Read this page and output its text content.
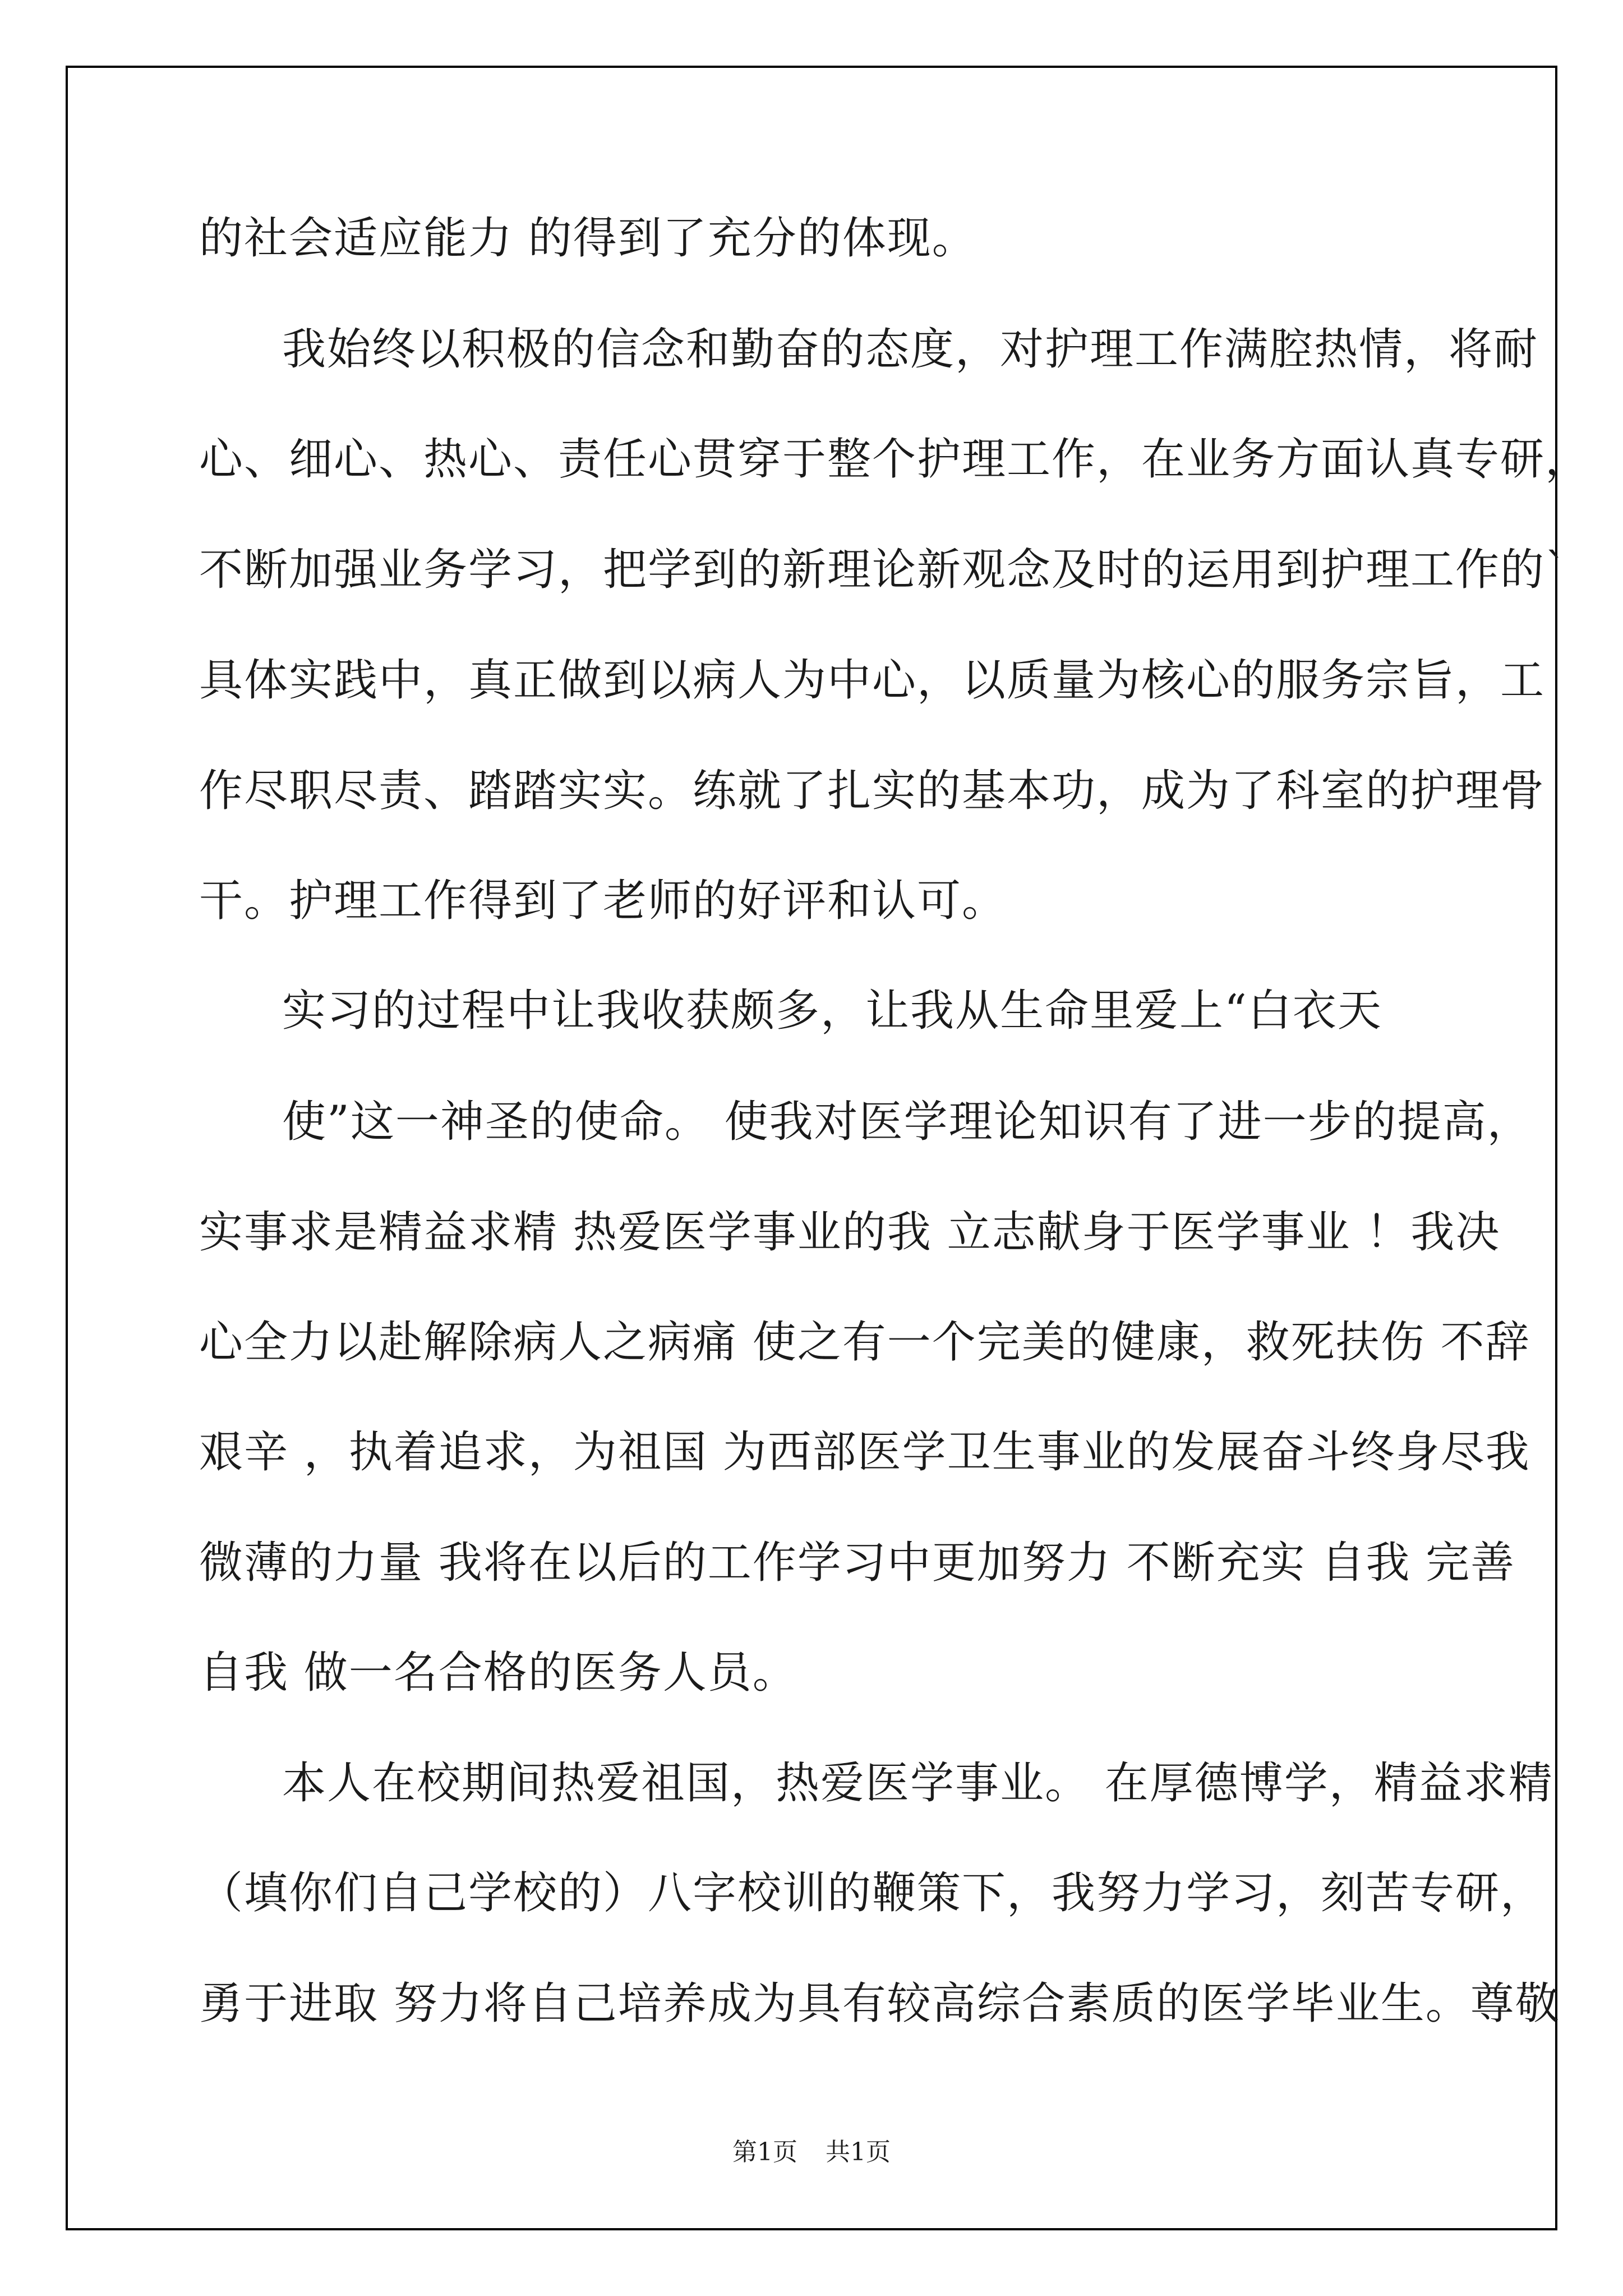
的社会适应能力 的得到了充分的体现。
我始终以积极的信念和勤奋的态度，对护理工作满腔热情，将耐
心、细心、热心、责任心贯穿于整个护理工作，在业务方面认真专研，
不断加强业务学习，把学到的新理论新观念及时的运用到护理工作的`
具体实践中，真正做到以病人为中心，以质量为核心的服务宗旨，工
作尽职尽责、踏踏实实。练就了扎实的基本功，成为了科室的护理骨
干。护理工作得到了老师的好评和认可。
实习的过程中让我收获颇多，让我从生命里爱上“白衣天
使”这一神圣的使命。 使我对医学理论知识有了进一步的提高，
实事求是精益求精 热爱医学事业的我 立志献身于医学事业 ！我决
心全力以赴解除病人之病痛 使之有一个完美的健康，救死扶伤 不辞
艰辛 ，执着追求，为祖国 为西部医学卫生事业的发展奋斗终身尽我
微薄的力量 我将在以后的工作学习中更加努力 不断充实 自我 完善
自我 做一名合格的医务人员。
本人在校期间热爱祖国，热爱医学事业。 在厚德博学，精益求精
（填你们自己学校的）八字校训的鞭策下，我努力学习，刻苦专研，
勇于进取 努力将自己培养成为具有较高综合素质的医学毕业生。尊敬
第1页 共1页
